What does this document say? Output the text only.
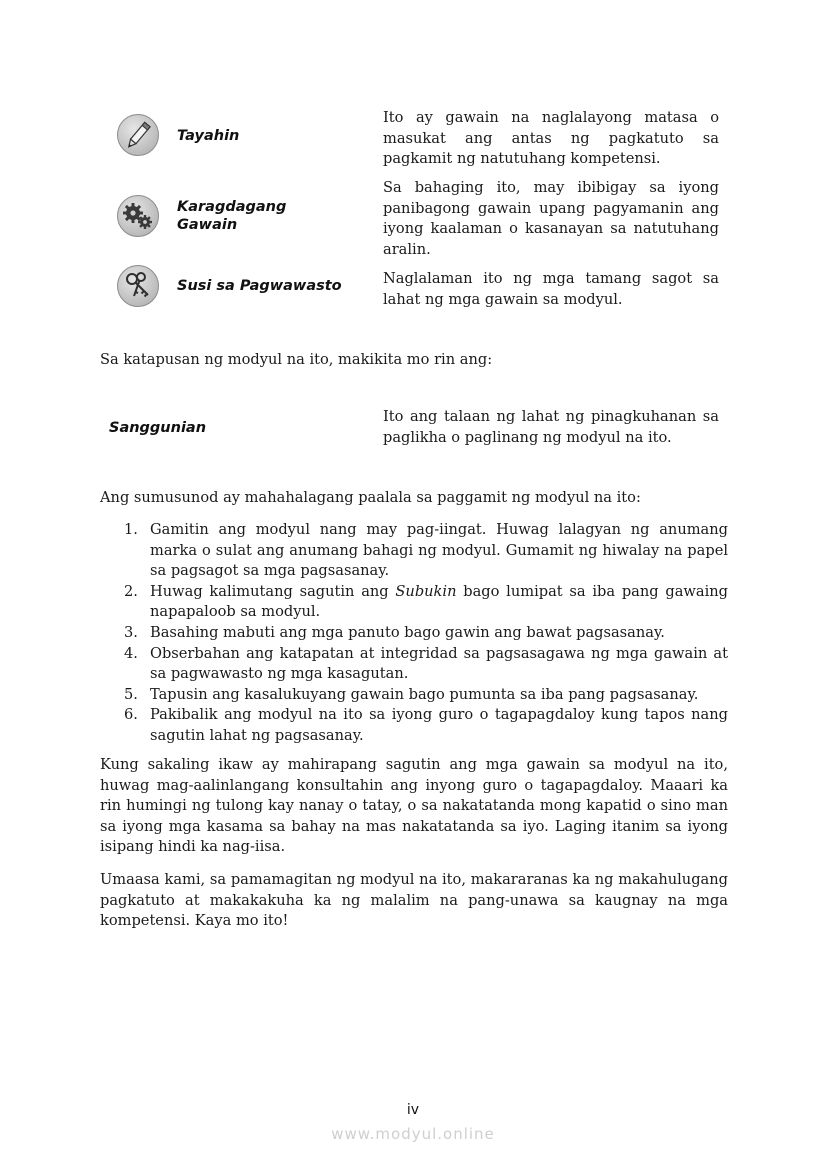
Tayahin

Ito ay gawain na naglalayong matasa o masukat ang antas ng pagkatuto sa pagkamit ng natutuhang kompetensi.

Karagdagang Gawain

Sa bahaging ito, may ibibigay sa iyong panibagong gawain upang pagyamanin ang iyong kaalaman o kasanayan sa natutuhang aralin.

Susi sa Pagwawasto	Naglalaman ito ng mga tamang sagot sa lahat ng mga gawain sa modyul.

Sa katapusan ng modyul na ito, makikita mo rin ang:

Sanggunian

Ito ang talaan ng lahat ng pinagkuhanan sa paglikha o paglinang ng modyul na ito.

Ang sumusunod ay mahahalagang paalala sa paggamit ng modyul na ito:

1. Gamitin ang modyul nang may pag-iingat. Huwag lalagyan ng anumang marka o sulat ang anumang bahagi ng modyul. Gumamit ng hiwalay na papel sa pagsagot sa mga pagsasanay.
2. Huwag kalimutang sagutin ang Subukin bago lumipat sa iba pang gawaing napapaloob sa modyul.
3. Basahing mabuti ang mga panuto bago gawin ang bawat pagsasanay.
4. Obserbahan ang katapatan at integridad sa pagsasagawa ng mga gawain at sa pagwawasto ng mga kasagutan.
5. Tapusin ang kasalukuyang gawain bago pumunta sa iba pang pagsasanay.
6. Pakibalik ang modyul na ito sa iyong guro o tagapagdaloy kung tapos nang sagutin lahat ng pagsasanay.

Kung sakaling ikaw ay mahirapang sagutin ang mga gawain sa modyul na ito, huwag mag-aalinlangang konsultahin ang inyong guro o tagapagdaloy. Maaari ka rin humingi ng tulong kay nanay o tatay, o sa nakatatanda mong kapatid o sino man sa iyong mga kasama sa bahay na mas nakatatanda sa iyo. Laging itanim sa iyong isipang hindi ka nag-iisa.

Umaasa kami, sa pamamagitan ng modyul na ito, makararanas ka ng makahulugang pagkatuto at makakakuha ka ng malalim na pang-unawa sa kaugnay na mga kompetensi. Kaya mo ito!

iv
www.modyul.online
